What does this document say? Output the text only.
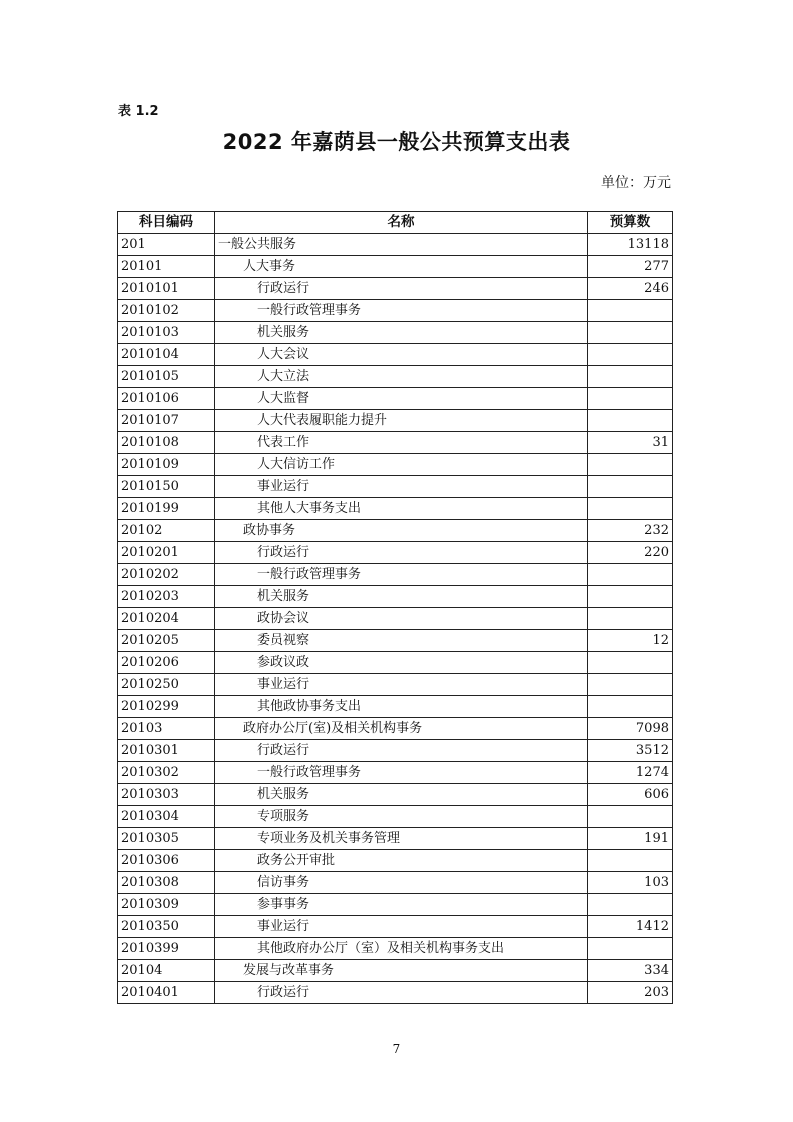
表 1.2
2022 年嘉荫县一般公共预算支出表
单位：万元
科目编码	名称	预算数
201	一般公共服务	13118
20101	人大事务	277
2010101	行政运行	246
2010102	一般行政管理事务	
2010103	机关服务	
2010104	人大会议	
2010105	人大立法	
2010106	人大监督	
2010107	人大代表履职能力提升	
2010108	代表工作	31
2010109	人大信访工作	
2010150	事业运行	
2010199	其他人大事务支出	
20102	政协事务	232
2010201	行政运行	220
2010202	一般行政管理事务	
2010203	机关服务	
2010204	政协会议	
2010205	委员视察	12
2010206	参政议政	
2010250	事业运行	
2010299	其他政协事务支出	
20103	政府办公厅(室)及相关机构事务	7098
2010301	行政运行	3512
2010302	一般行政管理事务	1274
2010303	机关服务	606
2010304	专项服务	
2010305	专项业务及机关事务管理	191
2010306	政务公开审批	
2010308	信访事务	103
2010309	参事事务	
2010350	事业运行	1412
2010399	其他政府办公厅（室）及相关机构事务支出	
20104	发展与改革事务	334
2010401	行政运行	203
7
